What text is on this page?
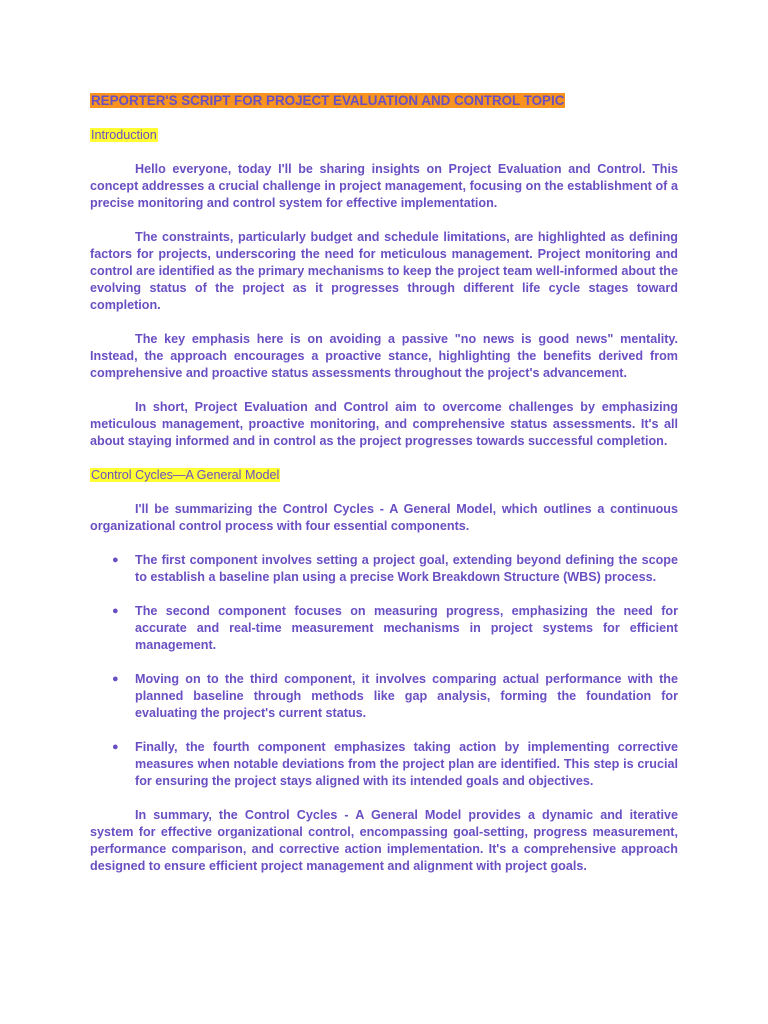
REPORTER'S SCRIPT FOR PROJECT EVALUATION AND CONTROL TOPIC
Introduction

Hello everyone, today I'll be sharing insights on Project Evaluation and Control. This concept addresses a crucial challenge in project management, focusing on the establishment of a precise monitoring and control system for effective implementation.

The constraints, particularly budget and schedule limitations, are highlighted as defining factors for projects, underscoring the need for meticulous management. Project monitoring and control are identified as the primary mechanisms to keep the project team well-informed about the evolving status of the project as it progresses through different life cycle stages toward completion.

The key emphasis here is on avoiding a passive "no news is good news" mentality. Instead, the approach encourages a proactive stance, highlighting the benefits derived from comprehensive and proactive status assessments throughout the project's advancement.

In short, Project Evaluation and Control aim to overcome challenges by emphasizing meticulous management, proactive monitoring, and comprehensive status assessments. It's all about staying informed and in control as the project progresses towards successful completion.

Control Cycles—A General Model

I'll be summarizing the Control Cycles - A General Model, which outlines a continuous organizational control process with four essential components.

● The first component involves setting a project goal, extending beyond defining the scope to establish a baseline plan using a precise Work Breakdown Structure (WBS) process.
● The second component focuses on measuring progress, emphasizing the need for accurate and real-time measurement mechanisms in project systems for efficient management.
● Moving on to the third component, it involves comparing actual performance with the planned baseline through methods like gap analysis, forming the foundation for evaluating the project's current status.
● Finally, the fourth component emphasizes taking action by implementing corrective measures when notable deviations from the project plan are identified. This step is crucial for ensuring the project stays aligned with its intended goals and objectives.

In summary, the Control Cycles - A General Model provides a dynamic and iterative system for effective organizational control, encompassing goal-setting, progress measurement, performance comparison, and corrective action implementation. It's a comprehensive approach designed to ensure efficient project management and alignment with project goals.
